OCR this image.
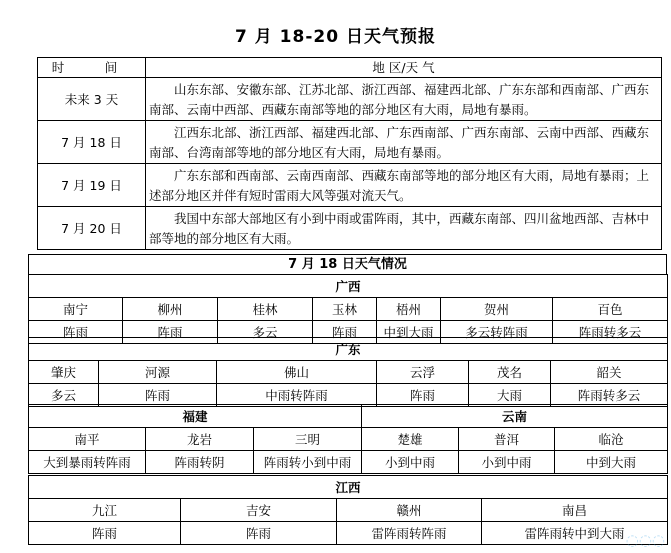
7 月 18-20 日天气预报
时　间	地 区/天 气
未来 3 天	山东东部、安徽东部、江苏北部、浙江西部、福建西北部、广东东部和西南部、广西东南部、云南中西部、西藏东南部等地的部分地区有大雨，局地有暴雨。
7 月 18 日	江西东北部、浙江西部、福建西北部、广东西南部、广西东南部、云南中西部、西藏东南部、台湾南部等地的部分地区有大雨，局地有暴雨。
7 月 19 日	广东东部和西南部、云南西南部、西藏东南部等地的部分地区有大雨，局地有暴雨；上述部分地区并伴有短时雷雨大风等强对流天气。
7 月 20 日	我国中东部大部地区有小到中雨或雷阵雨，其中，西藏东南部、四川盆地西部、吉林中部等地的部分地区有大雨。
7 月 18 日天气情况
广西						
南宁	柳州	桂林	玉林	梧州	贺州	百色
阵雨	阵雨	多云	阵雨	中到大雨	多云转阵雨	阵雨转多云
广东					
肇庆	河源	佛山	云浮	茂名	韶关
多云	阵雨	中雨转阵雨	阵雨	大雨	阵雨转多云
福建			云南		
南平	龙岩	三明	楚雄	普洱	临沧
大到暴雨转阵雨	阵雨转阴	阵雨转小到中雨	小到中雨	小到中雨	中到大雨
江西			
九江	吉安	赣州	南昌
阵雨	阵雨	雷阵雨转阵雨	雷阵雨转中到大雨 ◌◌◌
